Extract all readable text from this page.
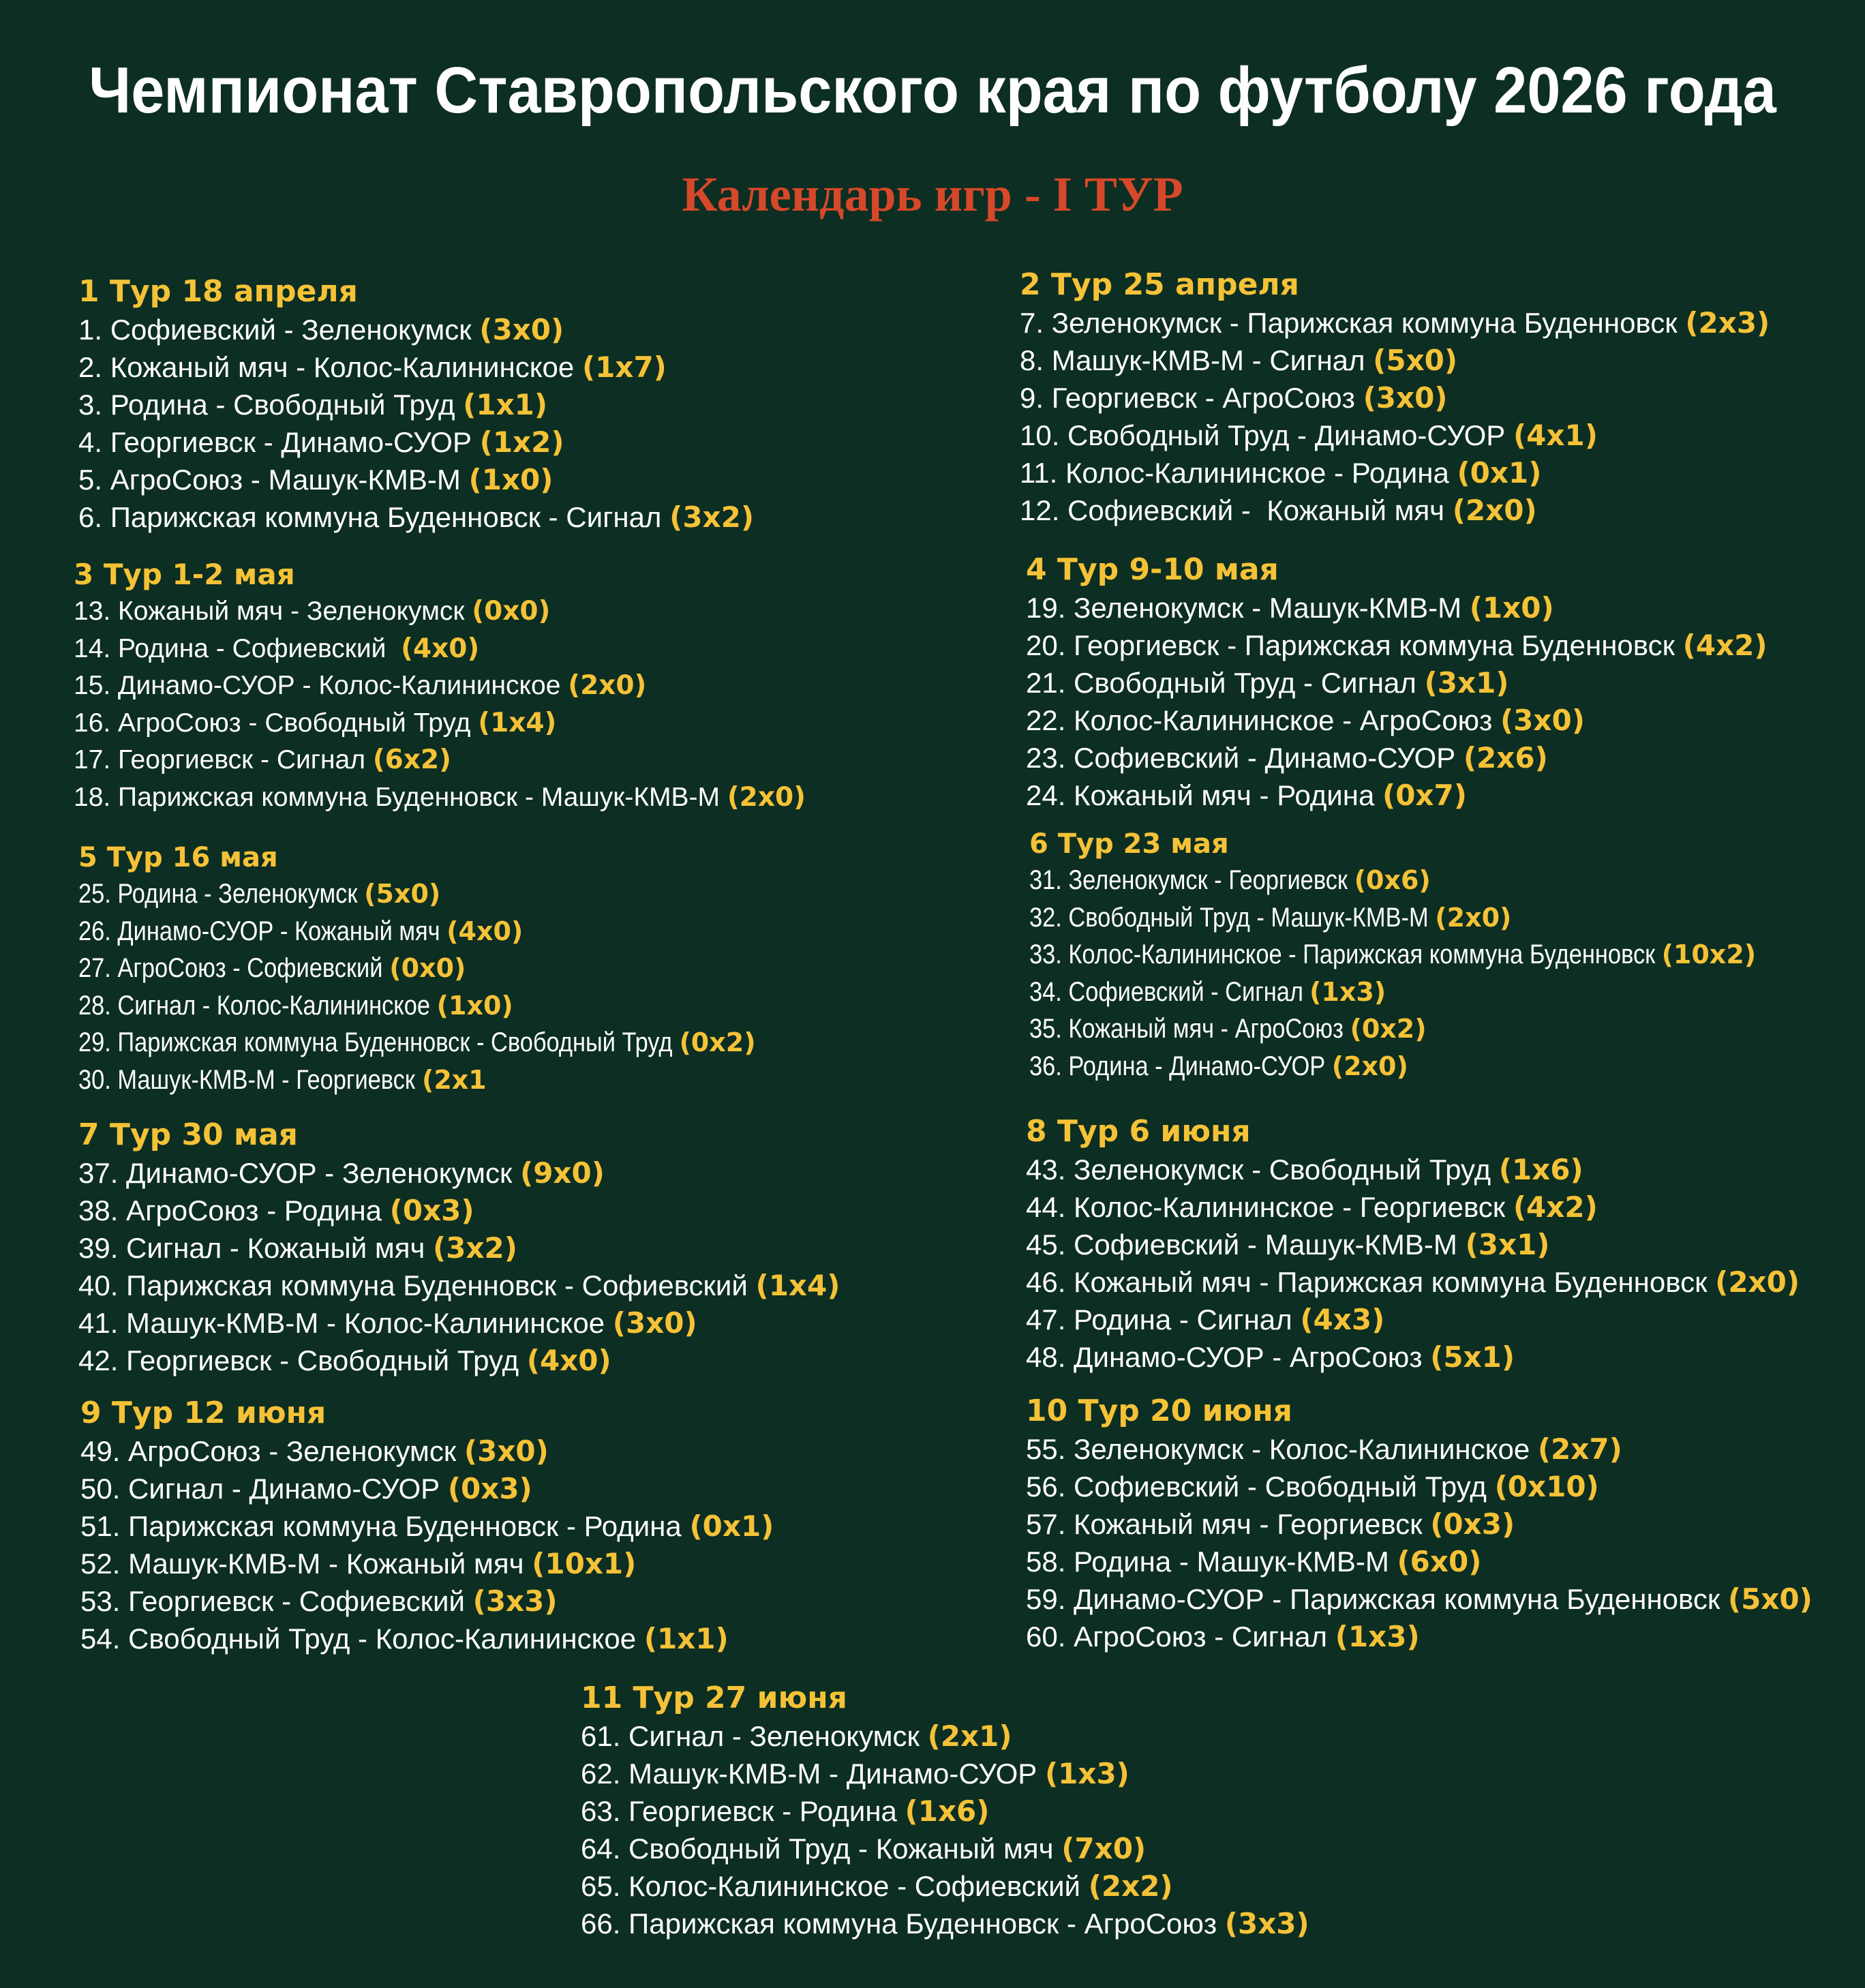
Чемпионат Ставропольского края по футболу 2026 года
Календарь игр - I ТУР
1 Тур 18 апреля
1. Софиевский - Зеленокумск (3х0)
2. Кожаный мяч - Колос-Калининское (1х7)
3. Родина - Свободный Труд (1х1)
4. Георгиевск - Динамо-СУОР (1х2)
5. АгроСоюз - Машук-КМВ-М (1х0)
6. Парижская коммуна Буденновск - Сигнал (3х2)
2 Тур 25 апреля
7. Зеленокумск - Парижская коммуна Буденновск (2х3)
8. Машук-КМВ-М - Сигнал (5х0)
9. Георгиевск - АгроСоюз (3х0)
10. Свободный Труд - Динамо-СУОР (4х1)
11. Колос-Калининское - Родина (0х1)
12. Софиевский -  Кожаный мяч (2х0)
3 Тур 1-2 мая
13. Кожаный мяч - Зеленокумск (0х0)
14. Родина - Софиевский  (4х0)
15. Динамо-СУОР - Колос-Калининское (2х0)
16. АгроСоюз - Свободный Труд (1х4)
17. Георгиевск - Сигнал (6х2)
18. Парижская коммуна Буденновск - Машук-КМВ-М (2х0)
4 Тур 9-10 мая
19. Зеленокумск - Машук-КМВ-М (1х0)
20. Георгиевск - Парижская коммуна Буденновск (4х2)
21. Свободный Труд - Сигнал (3х1)
22. Колос-Калининское - АгроСоюз (3х0)
23. Софиевский - Динамо-СУОР (2х6)
24. Кожаный мяч - Родина (0х7)
5 Тур 16 мая
25. Родина - Зеленокумск (5х0)
26. Динамо-СУОР - Кожаный мяч (4х0)
27. АгроСоюз - Софиевский (0х0)
28. Сигнал - Колос-Калининское (1х0)
29. Парижская коммуна Буденновск - Свободный Труд (0х2)
30. Машук-КМВ-М - Георгиевск (2х1
6 Тур 23 мая
31. Зеленокумск - Георгиевск (0х6)
32. Свободный Труд - Машук-КМВ-М (2х0)
33. Колос-Калининское - Парижская коммуна Буденновск (10х2)
34. Софиевский - Сигнал (1х3)
35. Кожаный мяч - АгроСоюз (0х2)
36. Родина - Динамо-СУОР (2х0)
7 Тур 30 мая
37. Динамо-СУОР - Зеленокумск (9х0)
38. АгроСоюз - Родина (0х3)
39. Сигнал - Кожаный мяч (3х2)
40. Парижская коммуна Буденновск - Софиевский (1х4)
41. Машук-КМВ-М - Колос-Калининское (3х0)
42. Георгиевск - Свободный Труд (4х0)
8 Тур 6 июня
43. Зеленокумск - Свободный Труд (1х6)
44. Колос-Калининское - Георгиевск (4х2)
45. Софиевский - Машук-КМВ-М (3х1)
46. Кожаный мяч - Парижская коммуна Буденновск (2х0)
47. Родина - Сигнал (4х3)
48. Динамо-СУОР - АгроСоюз (5х1)
9 Тур 12 июня
49. АгроСоюз - Зеленокумск (3х0)
50. Сигнал - Динамо-СУОР (0х3)
51. Парижская коммуна Буденновск - Родина (0х1)
52. Машук-КМВ-М - Кожаный мяч (10х1)
53. Георгиевск - Софиевский (3х3)
54. Свободный Труд - Колос-Калининское (1х1)
10 Тур 20 июня
55. Зеленокумск - Колос-Калининское (2х7)
56. Софиевский - Свободный Труд (0х10)
57. Кожаный мяч - Георгиевск (0х3)
58. Родина - Машук-КМВ-М (6х0)
59. Динамо-СУОР - Парижская коммуна Буденновск (5х0)
60. АгроСоюз - Сигнал (1х3)
11 Тур 27 июня
61. Сигнал - Зеленокумск (2х1)
62. Машук-КМВ-М - Динамо-СУОР (1х3)
63. Георгиевск - Родина (1х6)
64. Свободный Труд - Кожаный мяч (7х0)
65. Колос-Калининское - Софиевский (2х2)
66. Парижская коммуна Буденновск - АгроСоюз (3х3)
